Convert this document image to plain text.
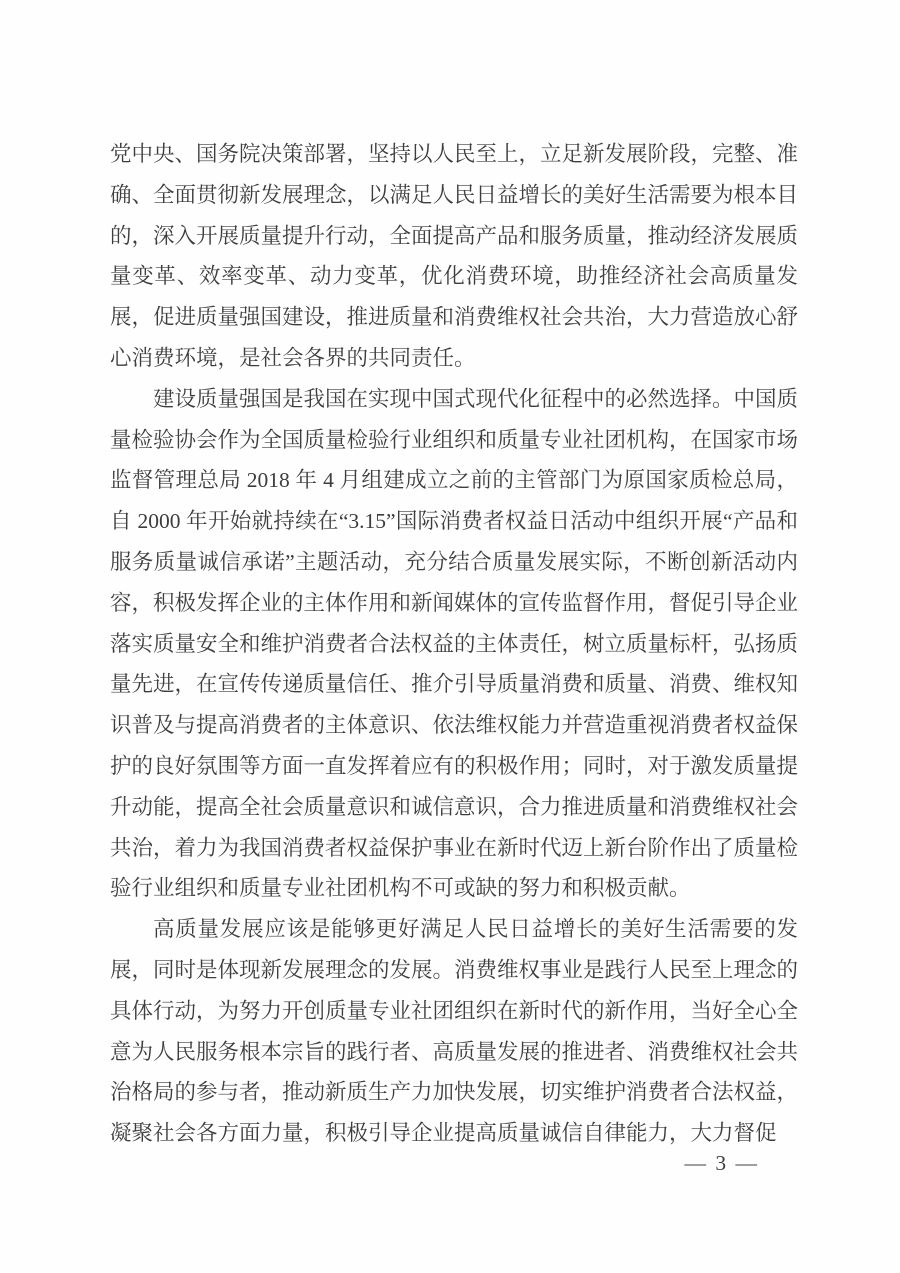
党中央、国务院决策部署，坚持以人民至上，立足新发展阶段，完整、准确、全面贯彻新发展理念，以满足人民日益增长的美好生活需要为根本目的，深入开展质量提升行动，全面提高产品和服务质量，推动经济发展质量变革、效率变革、动力变革，优化消费环境，助推经济社会高质量发展，促进质量强国建设，推进质量和消费维权社会共治，大力营造放心舒心消费环境，是社会各界的共同责任。

建设质量强国是我国在实现中国式现代化征程中的必然选择。中国质量检验协会作为全国质量检验行业组织和质量专业社团机构，在国家市场监督管理总局 2018 年 4 月组建成立之前的主管部门为原国家质检总局，自 2000 年开始就持续在“3.15”国际消费者权益日活动中组织开展“产品和服务质量诚信承诺”主题活动，充分结合质量发展实际，不断创新活动内容，积极发挥企业的主体作用和新闻媒体的宣传监督作用，督促引导企业落实质量安全和维护消费者合法权益的主体责任，树立质量标杆，弘扬质量先进，在宣传传递质量信任、推介引导质量消费和质量、消费、维权知识普及与提高消费者的主体意识、依法维权能力并营造重视消费者权益保护的良好氛围等方面一直发挥着应有的积极作用；同时，对于激发质量提升动能，提高全社会质量意识和诚信意识，合力推进质量和消费维权社会共治，着力为我国消费者权益保护事业在新时代迈上新台阶作出了质量检验行业组织和质量专业社团机构不可或缺的努力和积极贡献。

高质量发展应该是能够更好满足人民日益增长的美好生活需要的发展，同时是体现新发展理念的发展。消费维权事业是践行人民至上理念的具体行动，为努力开创质量专业社团组织在新时代的新作用，当好全心全意为人民服务根本宗旨的践行者、高质量发展的推进者、消费维权社会共治格局的参与者，推动新质生产力加快发展，切实维护消费者合法权益，凝聚社会各方面力量，积极引导企业提高质量诚信自律能力，大力督促

— 3 —
